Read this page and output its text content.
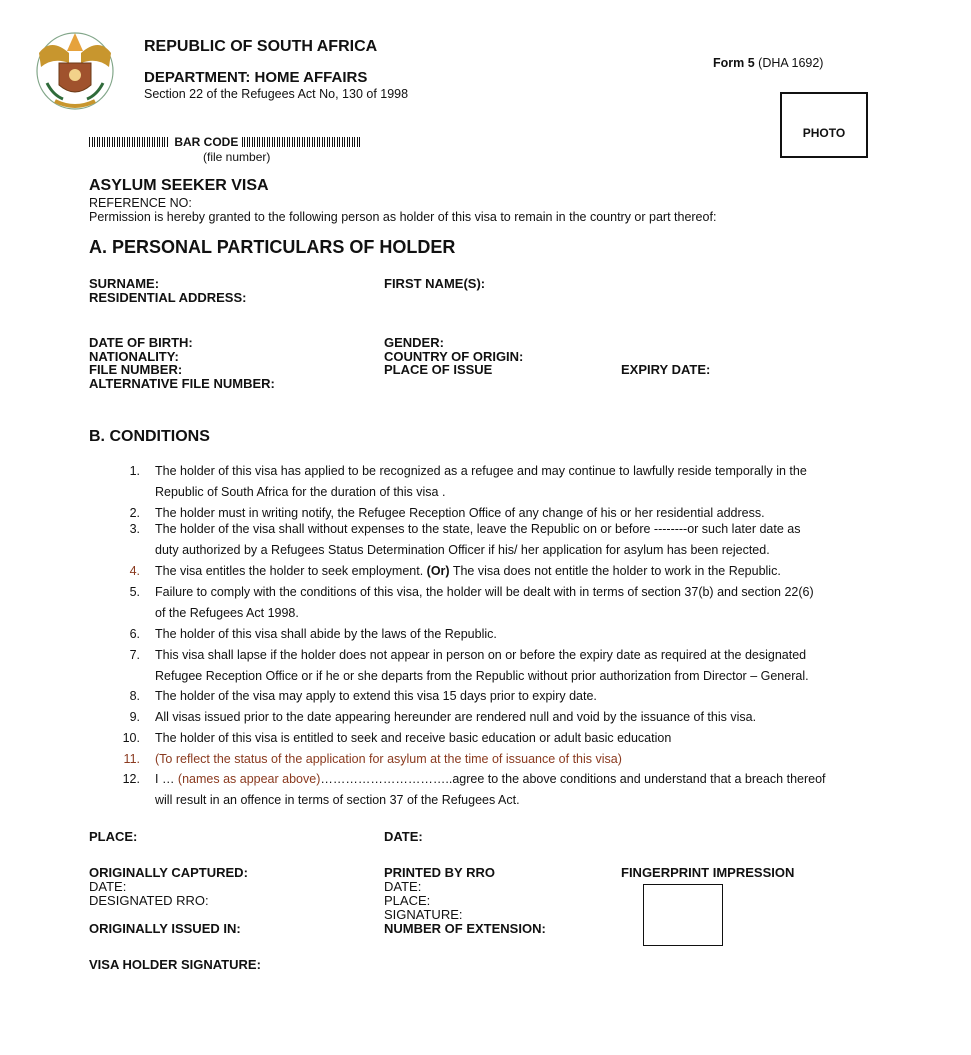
REPUBLIC OF SOUTH AFRICA
DEPARTMENT: HOME AFFAIRS
Section 22 of the Refugees Act No, 130 of 1998
Form 5 (DHA 1692)
PHOTO
BAR CODE
(file number)
ASYLUM SEEKER VISA
REFERENCE NO:
Permission is hereby granted to the following person as holder of this visa to remain in the country or part thereof:
A. PERSONAL PARTICULARS OF HOLDER
SURNAME:	FIRST NAME(S):
RESIDENTIAL ADDRESS:
DATE OF BIRTH:	GENDER:
NATIONALITY:	COUNTRY OF ORIGIN:
FILE NUMBER:	PLACE OF ISSUE	EXPIRY DATE:
ALTERNATIVE FILE NUMBER:
B. CONDITIONS
1. The holder of this visa has applied to be recognized as a refugee and may continue to lawfully reside temporally in the
Republic of South Africa for the duration of this visa .
2. The holder must in writing notify, the Refugee Reception Office of any change of his or her residential address.
3. The holder of the visa shall without expenses to the state, leave the Republic on or before --------or such later date as
duty authorized by a Refugees Status Determination Officer if his/ her application for asylum has been rejected.
4. The visa entitles the holder to seek employment. (Or) The visa does not entitle the holder to work in the Republic.
5. Failure to comply with the conditions of this visa, the holder will be dealt with in terms of section 37(b) and section 22(6)
of the Refugees Act 1998.
6. The holder of this visa shall abide by the laws of the Republic.
7. This visa shall lapse if the holder does not appear in person on or before the expiry date as required at the designated
Refugee Reception Office or if he or she departs from the Republic without prior authorization from Director – General.
8. The holder of the visa may apply to extend this visa 15 days prior to expiry date.
9. All visas issued prior to the date appearing hereunder are rendered null and void by the issuance of this visa.
10. The holder of this visa is entitled to seek and receive basic education or adult basic education
11. (To reflect the status of the application for asylum at the time of issuance of this visa)
12. I … (names as appear above)…………………………..agree to the above conditions and understand that a breach thereof
will result in an offence in terms of section 37 of the Refugees Act.
PLACE:	DATE:
ORIGINALLY CAPTURED:
DATE:
DESIGNATED RRO:
PRINTED BY RRO
DATE:
PLACE:
SIGNATURE:
FINGERPRINT IMPRESSION
ORIGINALLY ISSUED IN:	NUMBER OF EXTENSION:
VISA HOLDER SIGNATURE:
